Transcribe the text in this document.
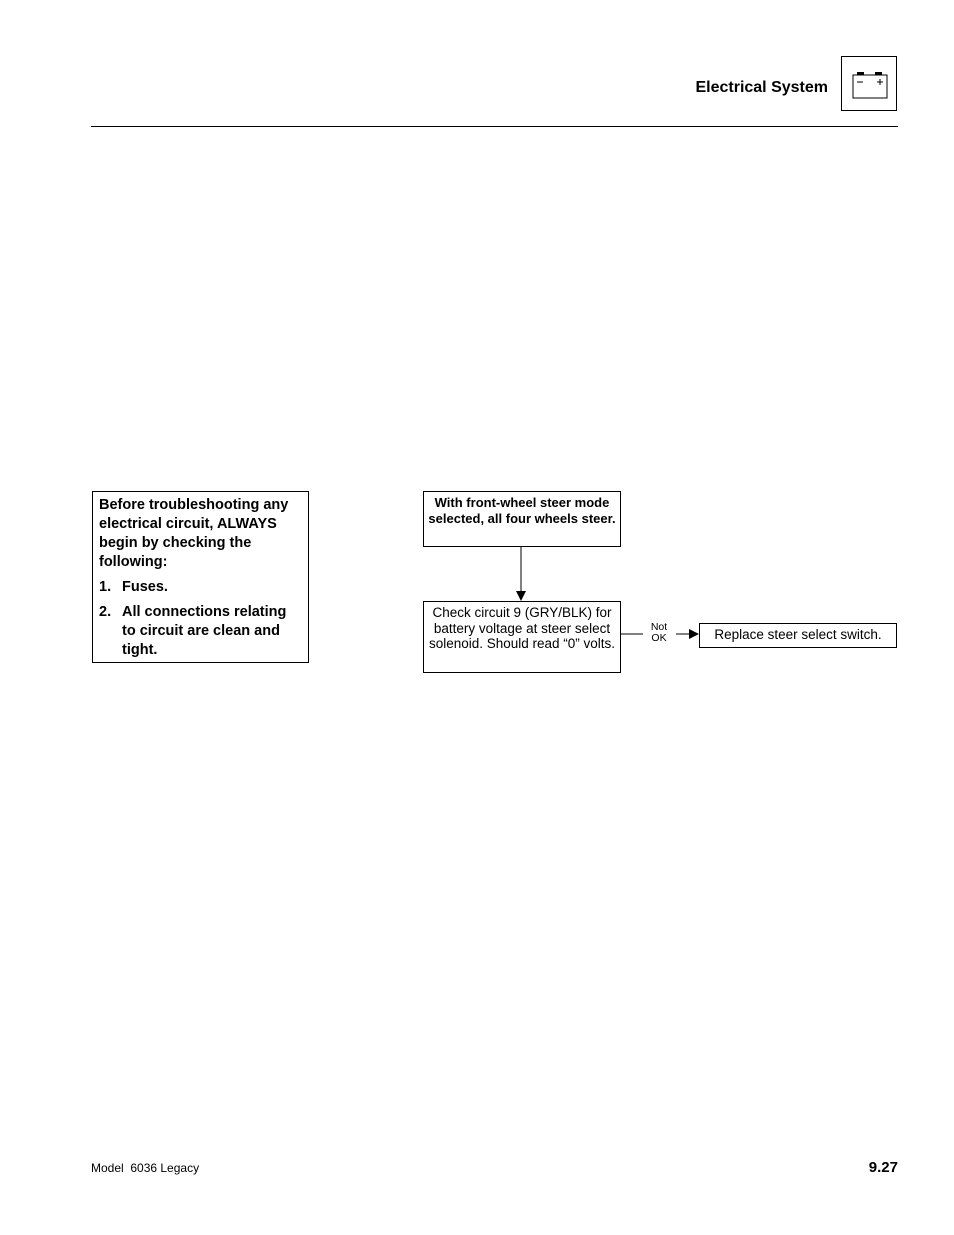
Electrical System

Before troubleshooting any electrical circuit, ALWAYS begin by checking the following:

1. Fuses.
2. All connections relating to circuit are clean and tight.
With front-wheel steer mode selected, all four wheels steer.
Check circuit 9 (GRY/BLK) for battery voltage at steer select solenoid. Should read “0” volts.
Not
OK	Replace steer select switch.
Model  6036 Legacy	9.27
